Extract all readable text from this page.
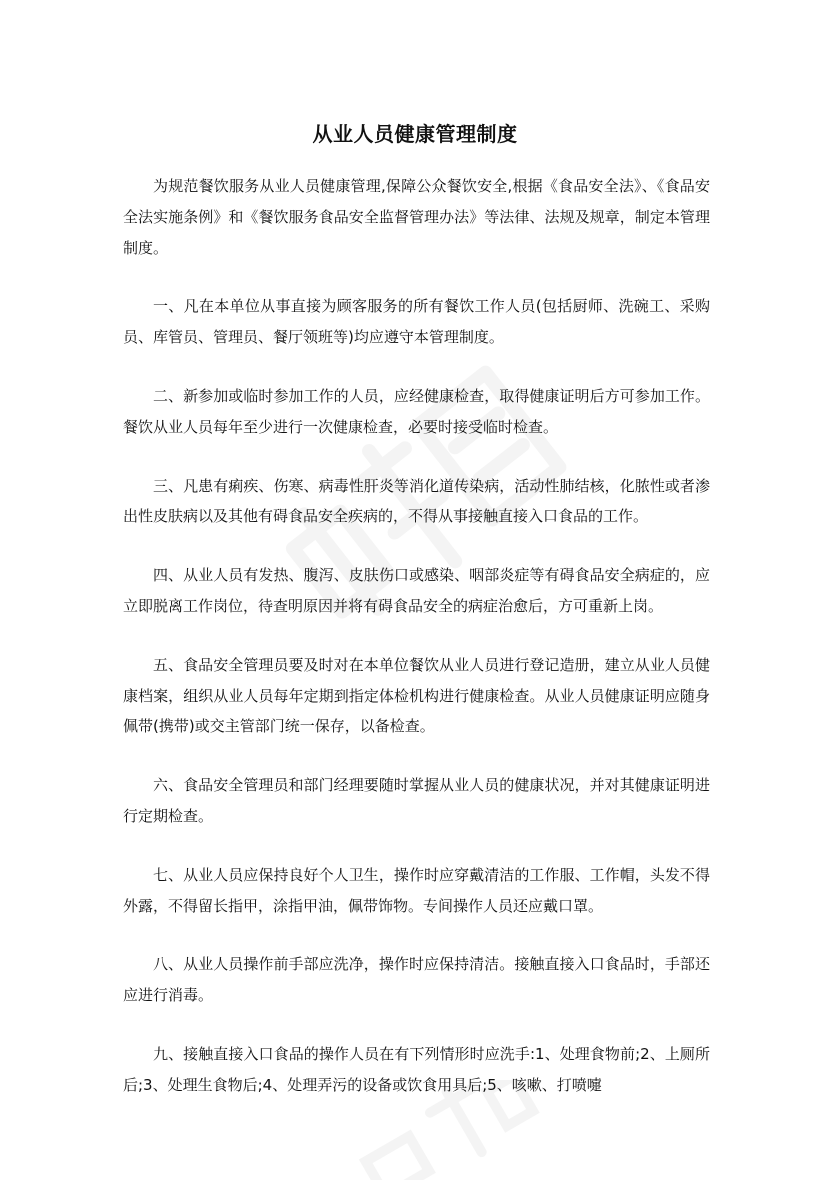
从业人员健康管理制度

为规范餐饮服务从业人员健康管理,保障公众餐饮安全,根据《食品安全法》、《食品安全法实施条例》和《餐饮服务食品安全监督管理办法》等法律、法规及规章，制定本管理制度。

一、凡在本单位从事直接为顾客服务的所有餐饮工作人员(包括厨师、洗碗工、采购员、库管员、管理员、餐厅领班等)均应遵守本管理制度。

二、新参加或临时参加工作的人员，应经健康检查，取得健康证明后方可参加工作。餐饮从业人员每年至少进行一次健康检查，必要时接受临时检查。

三、凡患有痢疾、伤寒、病毒性肝炎等消化道传染病，活动性肺结核，化脓性或者渗出性皮肤病以及其他有碍食品安全疾病的，不得从事接触直接入口食品的工作。

四、从业人员有发热、腹泻、皮肤伤口或感染、咽部炎症等有碍食品安全病症的，应立即脱离工作岗位，待查明原因并将有碍食品安全的病症治愈后，方可重新上岗。

五、食品安全管理员要及时对在本单位餐饮从业人员进行登记造册，建立从业人员健康档案，组织从业人员每年定期到指定体检机构进行健康检查。从业人员健康证明应随身佩带(携带)或交主管部门统一保存，以备检查。

六、食品安全管理员和部门经理要随时掌握从业人员的健康状况，并对其健康证明进行定期检查。

七、从业人员应保持良好个人卫生，操作时应穿戴清洁的工作服、工作帽，头发不得外露，不得留长指甲，涂指甲油，佩带饰物。专间操作人员还应戴口罩。

八、从业人员操作前手部应洗净，操作时应保持清洁。接触直接入口食品时，手部还应进行消毒。

九、接触直接入口食品的操作人员在有下列情形时应洗手:1、处理食物前;2、上厕所后;3、处理生食物后;4、处理弄污的设备或饮食用具后;5、咳嗽、打喷嚏
